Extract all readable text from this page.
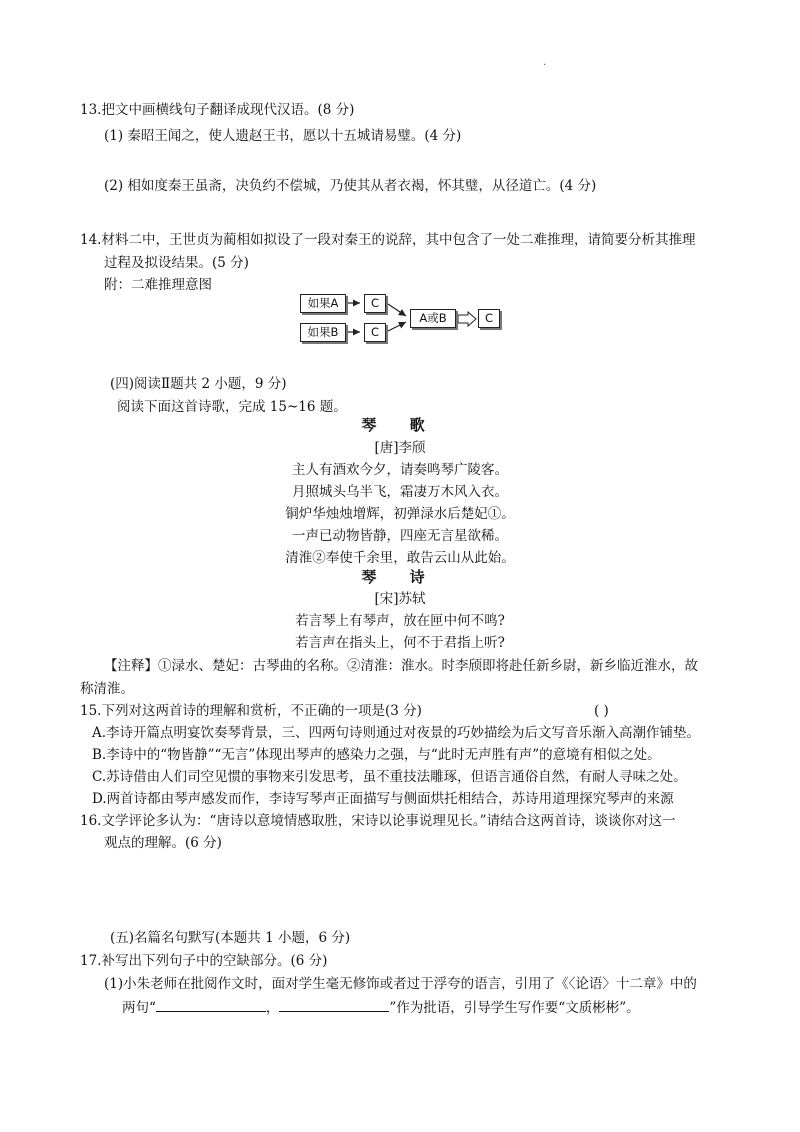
·
13.把文中画横线句子翻译成现代汉语。(8 分)
(1) 秦昭王闻之，使人遗赵王书，愿以十五城请易璧。(4 分)
(2) 相如度秦王虽斋，决负约不偿城，乃使其从者衣褐，怀其璧，从径道亡。(4 分)
14.材料二中，王世贞为蔺相如拟设了一段对秦王的说辞，其中包含了一处二难推理，请简要分析其推理
过程及拟设结果。(5 分)
附：二难推理意图
如果A	C
如果B	C
A或B	C
(四)阅读Ⅱ题共 2 小题，9 分)
阅读下面这首诗歌，完成 15~16 题。
琴 歌
[唐]李颀
主人有酒欢今夕，请奏鸣琴广陵客。
月照城头乌半飞，霜凄万木风入衣。
铜炉华烛烛增辉，初弹渌水后楚妃①。
一声已动物皆静，四座无言星欲稀。
清淮②奉使千余里，敢告云山从此始。
琴 诗
[宋]苏轼
若言琴上有琴声，放在匣中何不鸣?
若言声在指头上，何不于君指上听?
【注释】①渌水、楚妃：古琴曲的名称。②清淮：淮水。时李颀即将赴任新乡尉，新乡临近淮水，故
称清淮。
15.下列对这两首诗的理解和赏析，不正确的一项是(3 分)	( )
A.李诗开篇点明宴饮奏琴背景，三、四两句诗则通过对夜景的巧妙描绘为后文写音乐渐入高潮作铺垫。
B.李诗中的“物皆静”“无言”体现出琴声的感染力之强，与“此时无声胜有声”的意境有相似之处。
C.苏诗借由人们司空见惯的事物来引发思考，虽不重技法雕琢，但语言通俗自然，有耐人寻味之处。
D.两首诗都由琴声感发而作，李诗写琴声正面描写与侧面烘托相结合，苏诗用道理探究琴声的来源
16.文学评论多认为：“唐诗以意境情感取胜，宋诗以论事说理见长。”请结合这两首诗，谈谈你对这一
观点的理解。(6 分)
(五)名篇名句默写(本题共 1 小题，6 分)
17.补写出下列句子中的空缺部分。(6 分)
(1)小朱老师在批阅作文时，面对学生毫无修饰或者过于浮夸的语言，引用了《〈论语〉十二章》中的
两句“	，	”作为批语，引导学生写作要“文质彬彬”。
